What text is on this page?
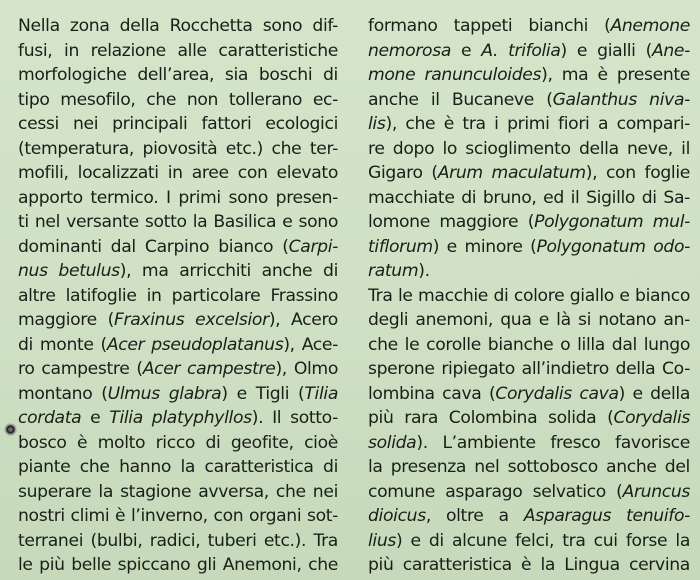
Nella zona della Rocchetta sono dif-
fusi, in relazione alle caratteristiche
morfologiche dell’area, sia boschi di
tipo mesofilo, che non tollerano ec-
cessi nei principali fattori ecologici
(temperatura, piovosità etc.) che ter-
mofili, localizzati in aree con elevato
apporto termico. I primi sono presen-
ti nel versante sotto la Basilica e sono
dominanti dal Carpino bianco (Carpi-
nus betulus), ma arricchiti anche di
altre latifoglie in particolare Frassino
maggiore (Fraxinus excelsior), Acero
di monte (Acer pseudoplatanus), Ace-
ro campestre (Acer campestre), Olmo
montano (Ulmus glabra) e Tigli (Tilia
cordata e Tilia platyphyllos). Il sotto-
bosco è molto ricco di geofite, cioè
piante che hanno la caratteristica di
superare la stagione avversa, che nei
nostri climi è l’inverno, con organi sot-
terranei (bulbi, radici, tuberi etc.). Tra
le più belle spiccano gli Anemoni, che
formano tappeti bianchi (Anemone
nemorosa e A. trifolia) e gialli (Ane-
mone ranunculoides), ma è presente
anche il Bucaneve (Galanthus niva-
lis), che è tra i primi fiori a compari-
re dopo lo scioglimento della neve, il
Gigaro (Arum maculatum), con foglie
macchiate di bruno, ed il Sigillo di Sa-
lomone maggiore (Polygonatum mul-
tiflorum) e minore (Polygonatum odo-
ratum).
Tra le macchie di colore giallo e bianco
degli anemoni, qua e là si notano an-
che le corolle bianche o lilla dal lungo
sperone ripiegato all’indietro della Co-
lombina cava (Corydalis cava) e della
più rara Colombina solida (Corydalis
solida). L’ambiente fresco favorisce
la presenza nel sottobosco anche del
comune asparago selvatico (Aruncus
dioicus, oltre a Asparagus tenuifo-
lius) e di alcune felci, tra cui forse la
più caratteristica è la Lingua cervina
